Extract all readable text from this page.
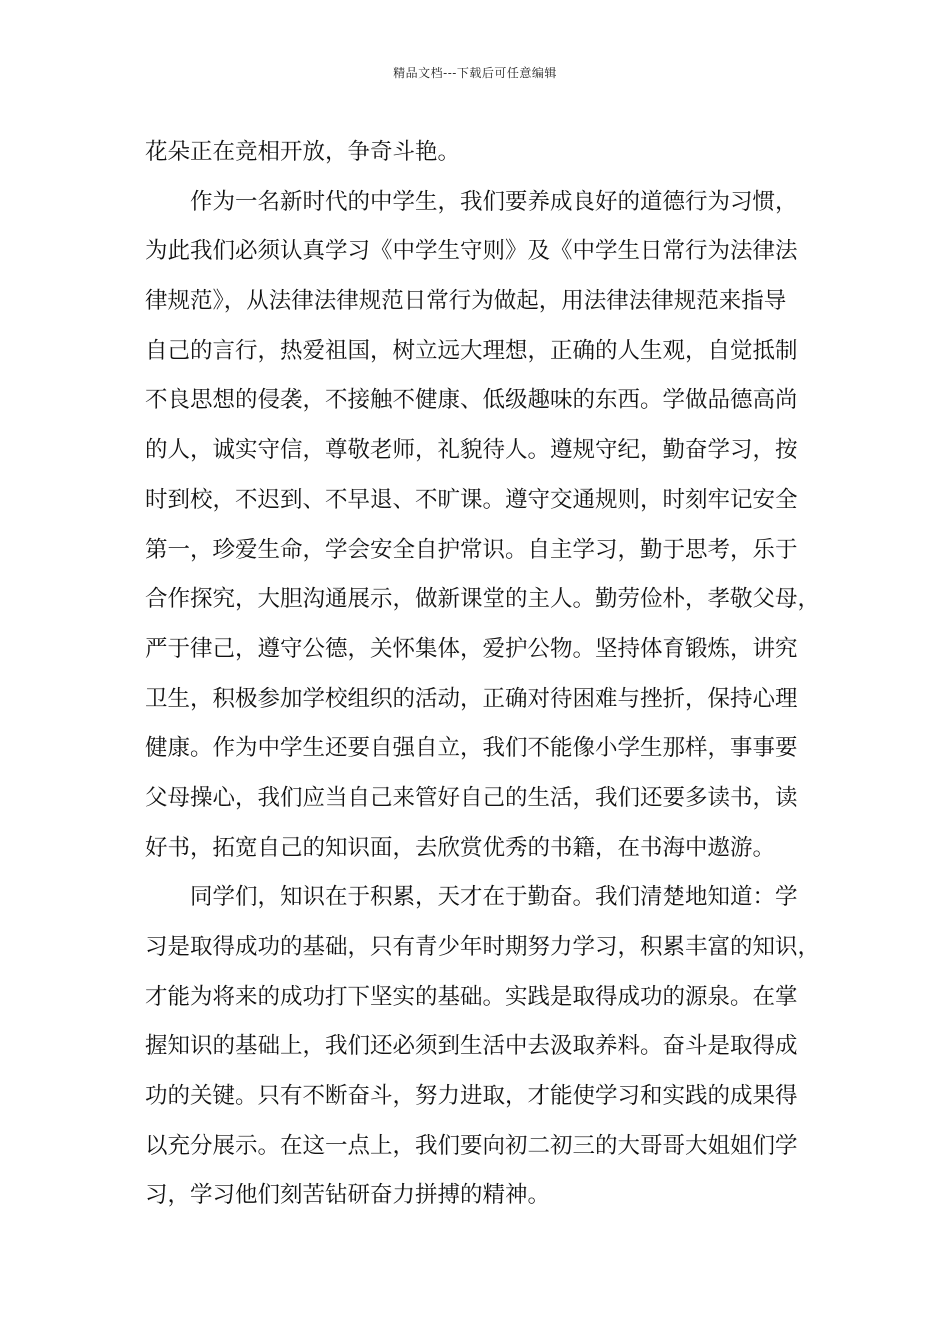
精品文档---下载后可任意编辑
花朵正在竞相开放，争奇斗艳。
作为一名新时代的中学生，我们要养成良好的道德行为习惯，
为此我们必须认真学习《中学生守则》及《中学生日常行为法律法
律规范》，从法律法律规范日常行为做起，用法律法律规范来指导
自己的言行，热爱祖国，树立远大理想，正确的人生观，自觉抵制
不良思想的侵袭，不接触不健康、低级趣味的东西。学做品德高尚
的人，诚实守信，尊敬老师，礼貌待人。遵规守纪，勤奋学习，按
时到校，不迟到、不早退、不旷课。遵守交通规则，时刻牢记安全
第一，珍爱生命，学会安全自护常识。自主学习，勤于思考，乐于
合作探究，大胆沟通展示，做新课堂的主人。勤劳俭朴，孝敬父母，
严于律己，遵守公德，关怀集体，爱护公物。坚持体育锻炼，讲究
卫生，积极参加学校组织的活动，正确对待困难与挫折，保持心理
健康。作为中学生还要自强自立，我们不能像小学生那样，事事要
父母操心，我们应当自己来管好自己的生活，我们还要多读书，读
好书，拓宽自己的知识面，去欣赏优秀的书籍，在书海中遨游。
同学们，知识在于积累，天才在于勤奋。我们清楚地知道：学
习是取得成功的基础，只有青少年时期努力学习，积累丰富的知识，
才能为将来的成功打下坚实的基础。实践是取得成功的源泉。在掌
握知识的基础上，我们还必须到生活中去汲取养料。奋斗是取得成
功的关键。只有不断奋斗，努力进取，才能使学习和实践的成果得
以充分展示。在这一点上，我们要向初二初三的大哥哥大姐姐们学
习，学习他们刻苦钻研奋力拼搏的精神。
